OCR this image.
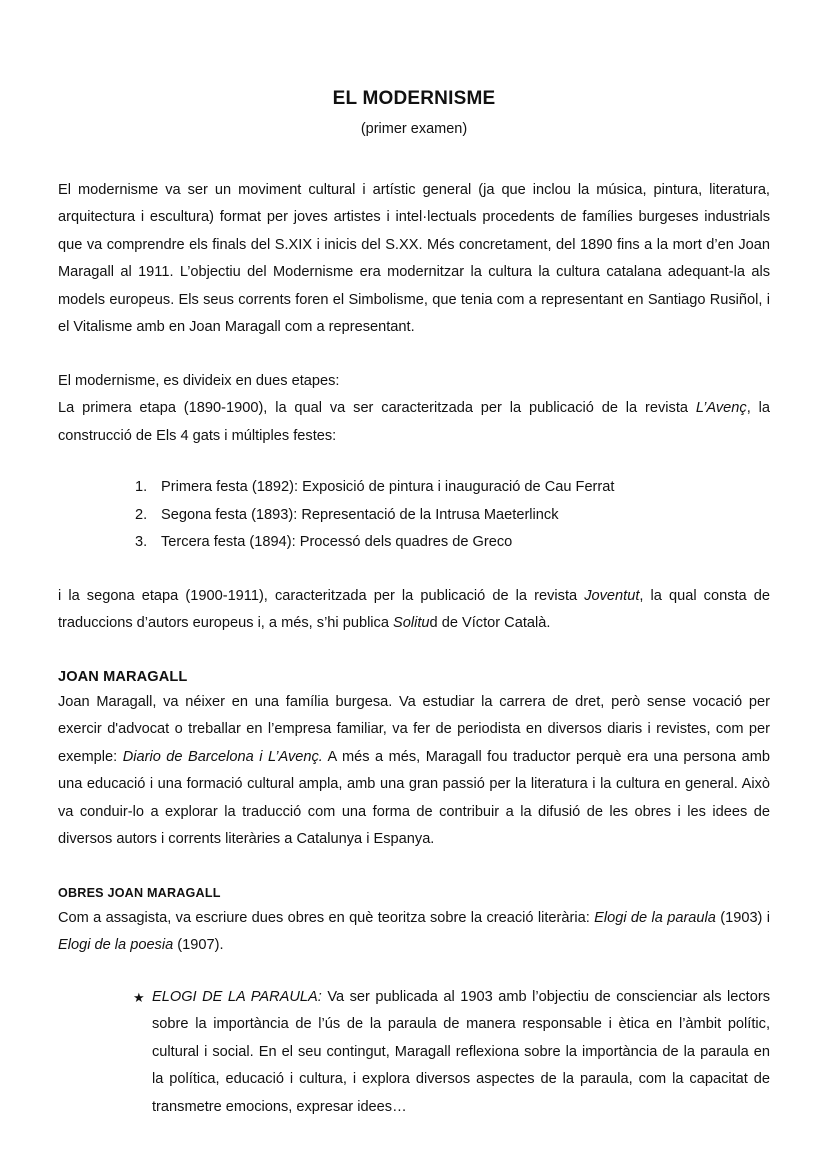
EL MODERNISME

(primer examen)

El modernisme va ser un moviment cultural i artístic general (ja que inclou la música, pintura, literatura, arquitectura i escultura) format per joves artistes i intel·lectuals procedents de famílies burgeses industrials que va comprendre els finals del S.XIX i inicis del S.XX. Més concretament, del 1890 fins a la mort d’en Joan Maragall al 1911. L’objectiu del Modernisme era modernitzar la cultura la cultura catalana adequant-la als models europeus. Els seus corrents foren el Simbolisme, que tenia com a representant en Santiago Rusiñol, i el Vitalisme amb en Joan Maragall com a representant.

El modernisme, es divideix en dues etapes:

La primera etapa (1890-1900), la qual va ser caracteritzada per la publicació de la revista L’Avenç, la construcció de Els 4 gats i múltiples festes:

Primera festa (1892): Exposició de pintura i inauguració de Cau Ferrat
Segona festa (1893): Representació de la Intrusa Maeterlinck
Tercera festa (1894): Processó dels quadres de Greco

i la segona etapa (1900-1911), caracteritzada per la publicació de la revista Joventut, la qual consta de traduccions d’autors europeus i, a més, s’hi publica Solitud de Víctor Català.

JOAN MARAGALL

Joan Maragall, va néixer en una família burgesa. Va estudiar la carrera de dret, però sense vocació per exercir d'advocat o treballar en l’empresa familiar, va fer de periodista en diversos diaris i revistes, com per exemple: Diario de Barcelona i L’Avenç. A més a més, Maragall fou traductor perquè era una persona amb una educació i una formació cultural ampla, amb una gran passió per la literatura i la cultura en general. Això va conduir-lo a explorar la traducció com una forma de contribuir a la difusió de les obres i les idees de diversos autors i corrents literàries a Catalunya i Espanya.

OBRES JOAN MARAGALL

Com a assagista, va escriure dues obres en què teoritza sobre la creació literària: Elogi de la paraula (1903) i Elogi de la poesia (1907).

★ ELOGI DE LA PARAULA: Va ser publicada al 1903 amb l’objectiu de conscienciar als lectors sobre la importància de l’ús de la paraula de manera responsable i ètica en l’àmbit polític, cultural i social. En el seu contingut, Maragall reflexiona sobre la importància de la paraula en la política, educació i cultura, i explora diversos aspectes de la paraula, com la capacitat de transmetre emocions, expresar idees…
